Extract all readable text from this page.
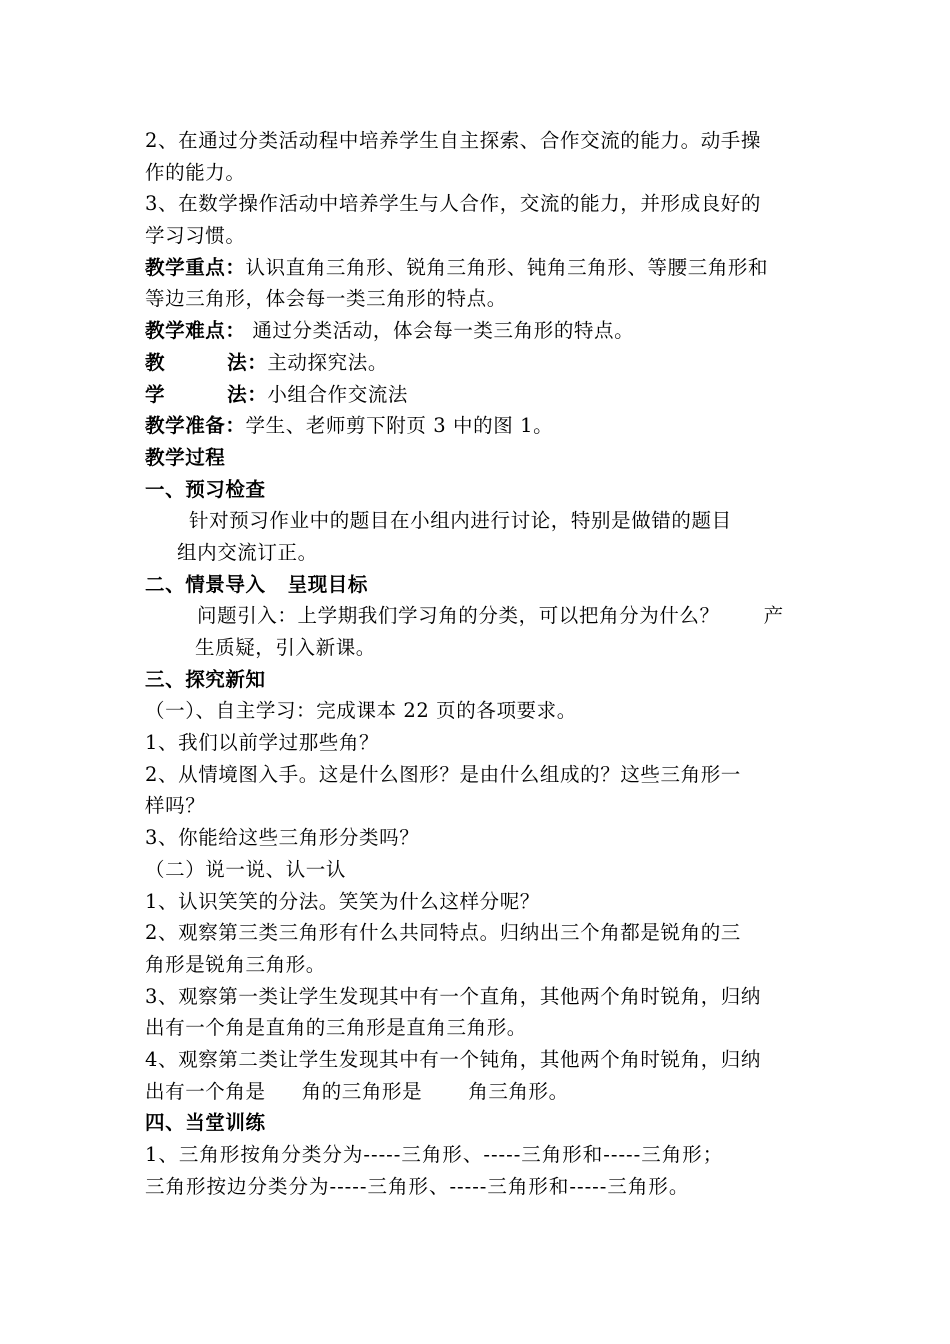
2、在通过分类活动程中培养学生自主探索、合作交流的能力。动手操
作的能力。
3、在数学操作活动中培养学生与人合作，交流的能力，并形成良好的
学习习惯。
教学重点：认识直角三角形、锐角三角形、钝角三角形、等腰三角形和
等边三角形，体会每一类三角形的特点。
教学难点： 通过分类活动，体会每一类三角形的特点。
教	法：主动探究法。
学	法：小组合作交流法
教学准备：学生、老师剪下附页 3 中的图 1。
教学过程
一、预习检查
针对预习作业中的题目在小组内进行讨论，特别是做错的题目
组内交流订正。
二、情景导入 呈现目标
问题引入：上学期我们学习角的分类，可以把角分为什么？ 产
生质疑，引入新课。
三、探究新知
（一）、自主学习：完成课本 22 页的各项要求。
1、我们以前学过那些角？
2、从情境图入手。这是什么图形？是由什么组成的？这些三角形一
样吗？
3、你能给这些三角形分类吗？
（二）说一说、认一认
1、认识笑笑的分法。笑笑为什么这样分呢？
2、观察第三类三角形有什么共同特点。归纳出三个角都是锐角的三
角形是锐角三角形。
3、观察第一类让学生发现其中有一个直角，其他两个角时锐角，归纳
出有一个角是直角的三角形是直角三角形。
4、观察第二类让学生发现其中有一个钝角，其他两个角时锐角，归纳
出有一个角是 角的三角形是 角三角形。
四、当堂训练
1、三角形按角分类分为-----三角形、-----三角形和-----三角形；
三角形按边分类分为-----三角形、-----三角形和-----三角形。
